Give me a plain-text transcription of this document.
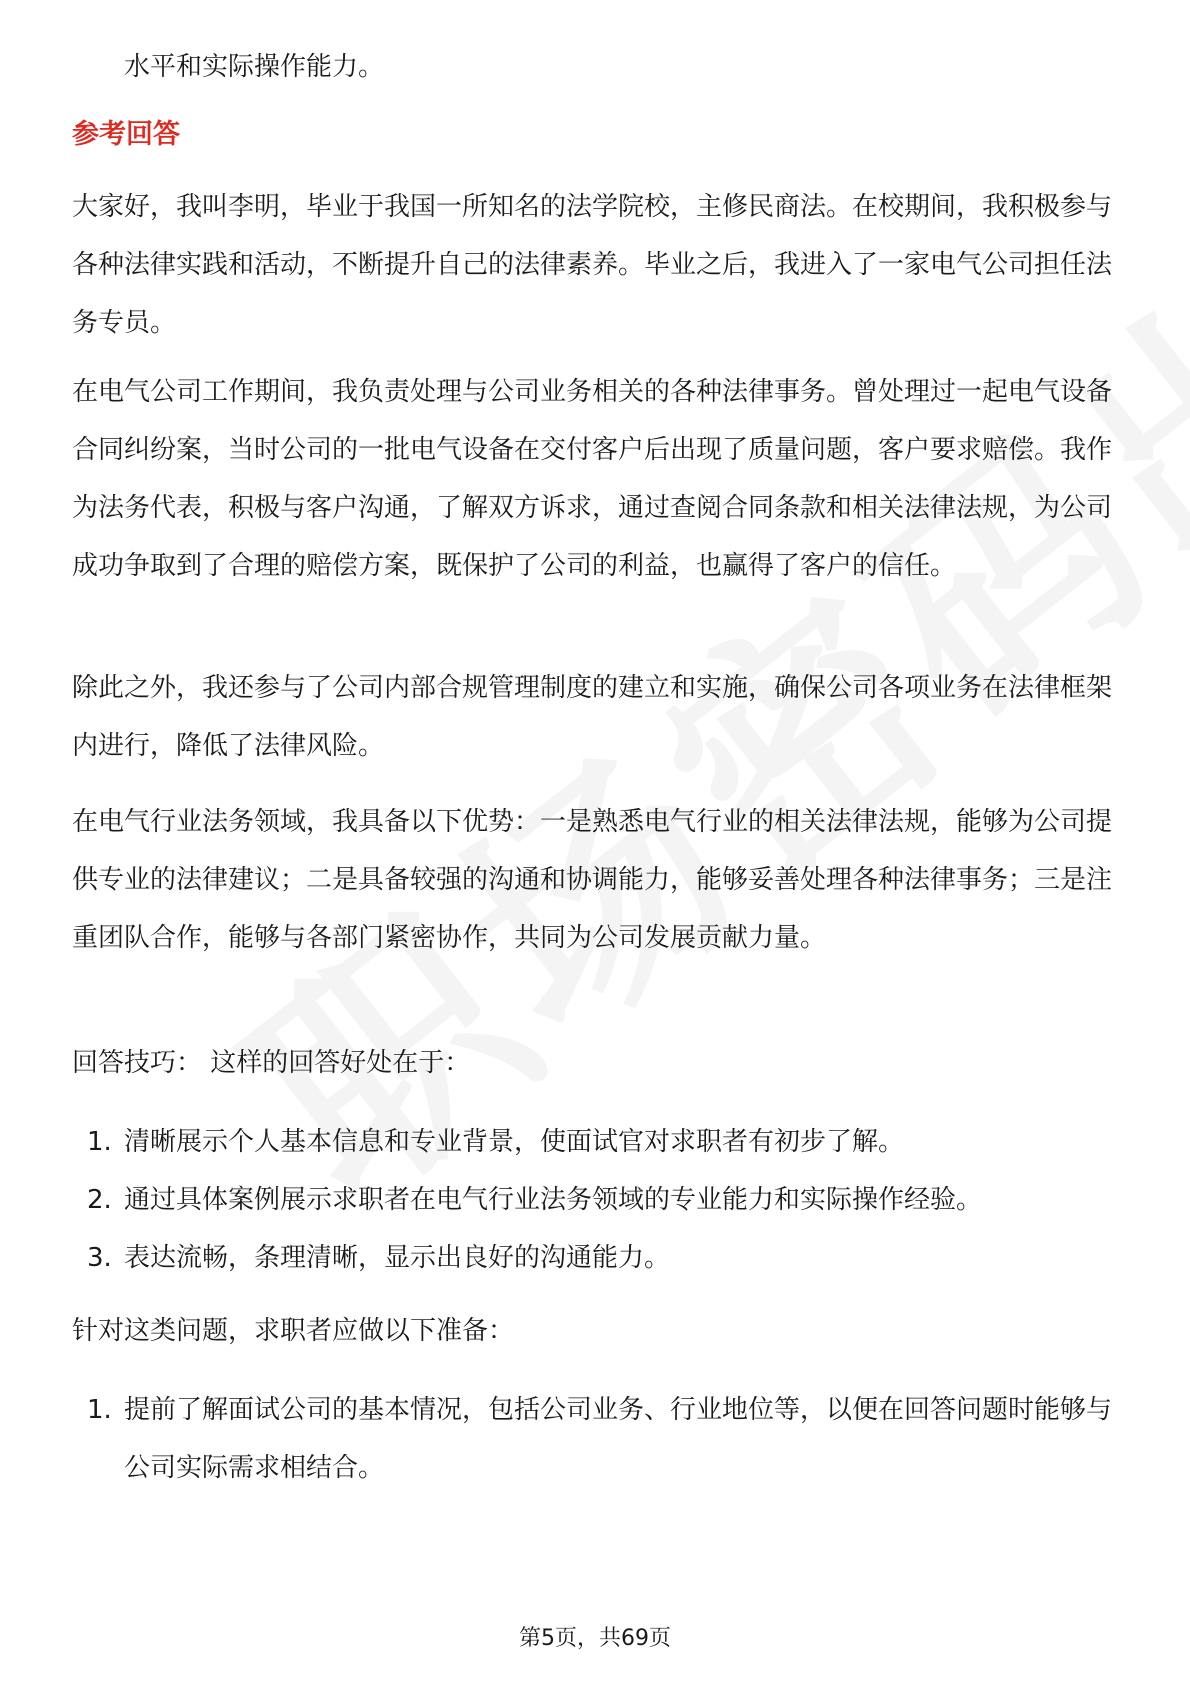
水平和实际操作能力。
参考回答
大家好，我叫李明，毕业于我国一所知名的法学院校，主修民商法。在校期间，我积极参与各种法律实践和活动，不断提升自己的法律素养。毕业之后，我进入了一家电气公司担任法务专员。
在电气公司工作期间，我负责处理与公司业务相关的各种法律事务。曾处理过一起电气设备合同纠纷案，当时公司的一批电气设备在交付客户后出现了质量问题，客户要求赔偿。我作为法务代表，积极与客户沟通，了解双方诉求，通过查阅合同条款和相关法律法规，为公司成功争取到了合理的赔偿方案，既保护了公司的利益，也赢得了客户的信任。
除此之外，我还参与了公司内部合规管理制度的建立和实施，确保公司各项业务在法律框架内进行，降低了法律风险。
在电气行业法务领域，我具备以下优势：一是熟悉电气行业的相关法律法规，能够为公司提供专业的法律建议；二是具备较强的沟通和协调能力，能够妥善处理各种法律事务；三是注重团队合作，能够与各部门紧密协作，共同为公司发展贡献力量。
回答技巧： 这样的回答好处在于：
1. 清晰展示个人基本信息和专业背景，使面试官对求职者有初步了解。
2. 通过具体案例展示求职者在电气行业法务领域的专业能力和实际操作经验。
3. 表达流畅，条理清晰，显示出良好的沟通能力。
针对这类问题，求职者应做以下准备：
1. 提前了解面试公司的基本情况，包括公司业务、行业地位等，以便在回答问题时能够与公司实际需求相结合。
第5页，共69页
